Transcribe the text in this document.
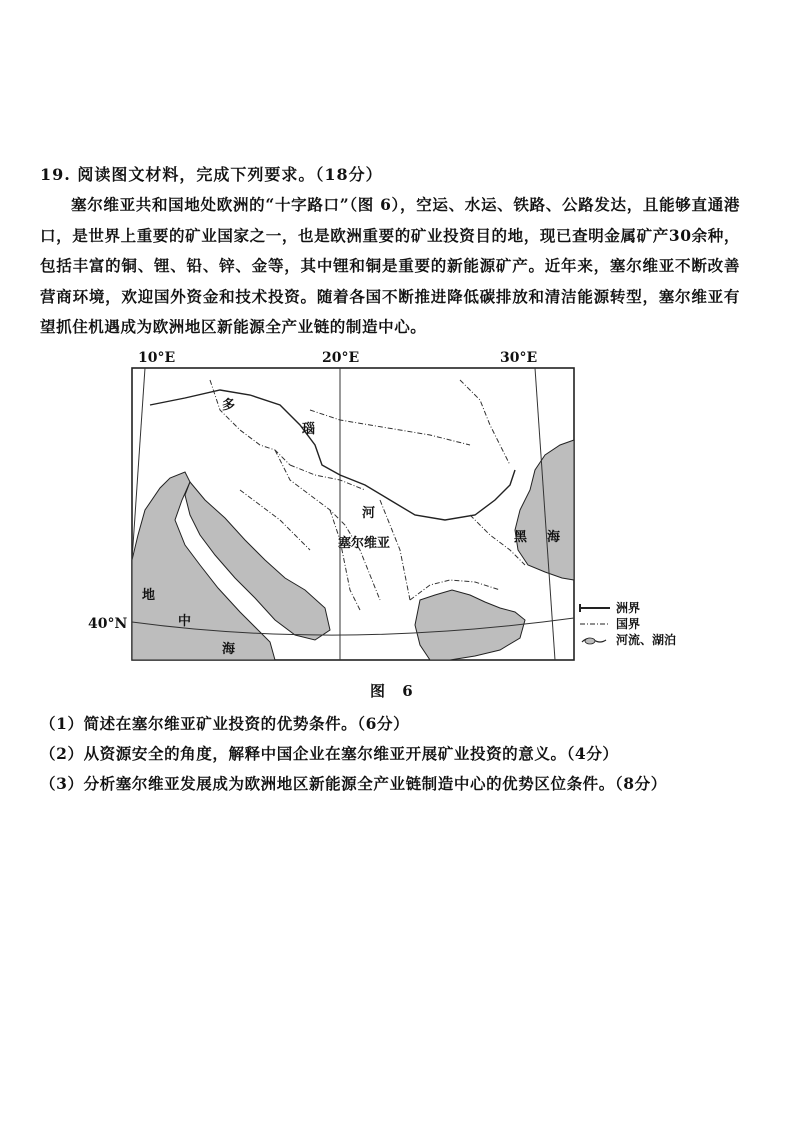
19. 阅读图文材料，完成下列要求。（18分）

塞尔维亚共和国地处欧洲的“十字路口”（图 6），空运、水运、铁路、公路发达，且能够直通港口，是世界上重要的矿业国家之一，也是欧洲重要的矿业投资目的地，现已查明金属矿产30余种，包括丰富的铜、锂、铅、锌、金等，其中锂和铜是重要的新能源矿产。近年来，塞尔维亚不断改善营商环境，欢迎国外资金和技术投资。随着各国不断推进降低碳排放和清洁能源转型，塞尔维亚有望抓住机遇成为欧洲地区新能源全产业链的制造中心。

10°E	20°E	30°E
40°N
多
瑙
河
塞尔维亚	黑 海
地
中
海
洲界
国界
河流、湖泊
图 6
（1）简述在塞尔维亚矿业投资的优势条件。（6分）
（2）从资源安全的角度，解释中国企业在塞尔维亚开展矿业投资的意义。（4分）
（3）分析塞尔维亚发展成为欧洲地区新能源全产业链制造中心的优势区位条件。（8分）
